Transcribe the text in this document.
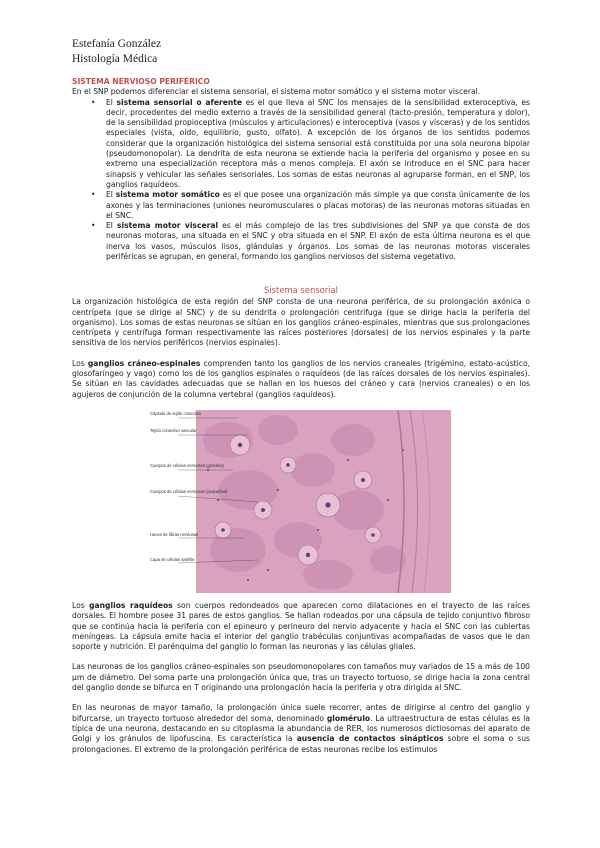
Estefanía González
Histología Médica
SISTEMA NERVIOSO PERIFÉRICO
En el SNP podemos diferenciar el sistema sensorial, el sistema motor somático y el sistema motor visceral.
• El sistema sensorial o aferente es el que lleva al SNC los mensajes de la sensibilidad exteroceptiva, es decir, procedentes del medio externo a través de la sensibilidad general (tacto-presión, temperatura y dolor), de la sensibilidad propioceptiva (músculos y articulaciones) e interoceptiva (vasos y vísceras) y de los sentidos especiales (vista, oído, equilibrio, gusto, olfato). A excepción de los órganos de los sentidos podemos considerar que la organización histológica del sistema sensorial está constituida por una sola neurona bipolar (pseudomonopolar). La dendrita de esta neurona se extiende hacia la periferia del organismo y posee en su extremo una especialización receptora más o menos compleja. El axón se introduce en el SNC para hacer sinapsis y vehicular las señales sensoriales. Los somas de estas neuronas al agruparse forman, en el SNP, los ganglios raquídeos.
• El sistema motor somático es el que posee una organización más simple ya que consta únicamente de los axones y las terminaciones (uniones neuromusculares o placas motoras) de las neuronas motoras situadas en el SNC.
• El sistema motor visceral es el más complejo de las tres subdivisiones del SNP ya que consta de dos neuronas motoras, una situada en el SNC y otra situada en el SNP. El axón de esta última neurona es el que inerva los vasos, músculos lisos, glándulas y órganos. Los somas de las neuronas motoras viscerales periféricas se agrupan, en general, formando los ganglios nerviosos del sistema vegetativo.
Sistema sensorial
La organización histológica de esta región del SNP consta de una neurona periférica, de su prolongación axónica o centrípeta (que se dirige al SNC) y de su dendrita o prolongación centrífuga (que se dirige hacia la periferia del organismo). Los somas de estas neuronas se sitúan en los ganglios cráneo-espinales, mientras que sus prolongaciones centrípeta y centrífuga forman respectivamente las raíces posteriores (dorsales) de los nervios espinales y la parte sensitiva de los nervios periféricos (nervios espinales).
Los ganglios cráneo-espinales comprenden tanto los ganglios de los nervios craneales (trigémino, estato-acústico, glosofaríngeo y vago) como los de los ganglios espinales o raquídeos (de las raíces dorsales de los nervios espinales). Se sitúan en las cavidades adecuadas que se hallan en los huesos del cráneo y cara (nervios craneales) o en los agujeros de conjunción de la columna vertebral (ganglios raquídeos).
Cápsula de tejido conectivo
Tejido conectivo vascular
Cuerpos de células nerviosas (grandes)
Cuerpos de células nerviosas (pequeñas)
Haces de fibras nerviosas
Capa de células satélite
Los ganglios raquídeos son cuerpos redondeados que aparecen como dilataciones en el trayecto de las raíces dorsales. El hombre posee 31 pares de estos ganglios. Se hallan rodeados por una cápsula de tejido conjuntivo fibroso que se continúa hacia la periferia con el epineuro y perineuro del nervio adyacente y hacia el SNC con las cubiertas meníngeas. La cápsula emite hacia el interior del ganglio trabéculas conjuntivas acompañadas de vasos que le dan soporte y nutrición. El parénquima del ganglio lo forman las neuronas y las células gliales.
Las neuronas de los ganglios cráneo-espinales son pseudomonopolares con tamaños muy variados de 15 a más de 100 µm de diámetro. Del soma parte una prolongación única que, tras un trayecto tortuoso, se dirige hacia la zona central del ganglio donde se bifurca en T originando una prolongación hacia la periferia y otra dirigida al SNC.
En las neuronas de mayor tamaño, la prolongación única suele recorrer, antes de dirigirse al centro del ganglio y bifurcarse, un trayecto tortuoso alrededor del soma, denominado glomérulo. La ultraestructura de estas células es la típica de una neurona, destacando en su citoplasma la abundancia de RER, los numerosos dictiosomas del aparato de Golgi y los gránulos de lipofuscina. Es característica la ausencia de contactos sinápticos sobre el soma o sus prolongaciones. El extremo de la prolongación periférica de estas neuronas recibe los estímulos
